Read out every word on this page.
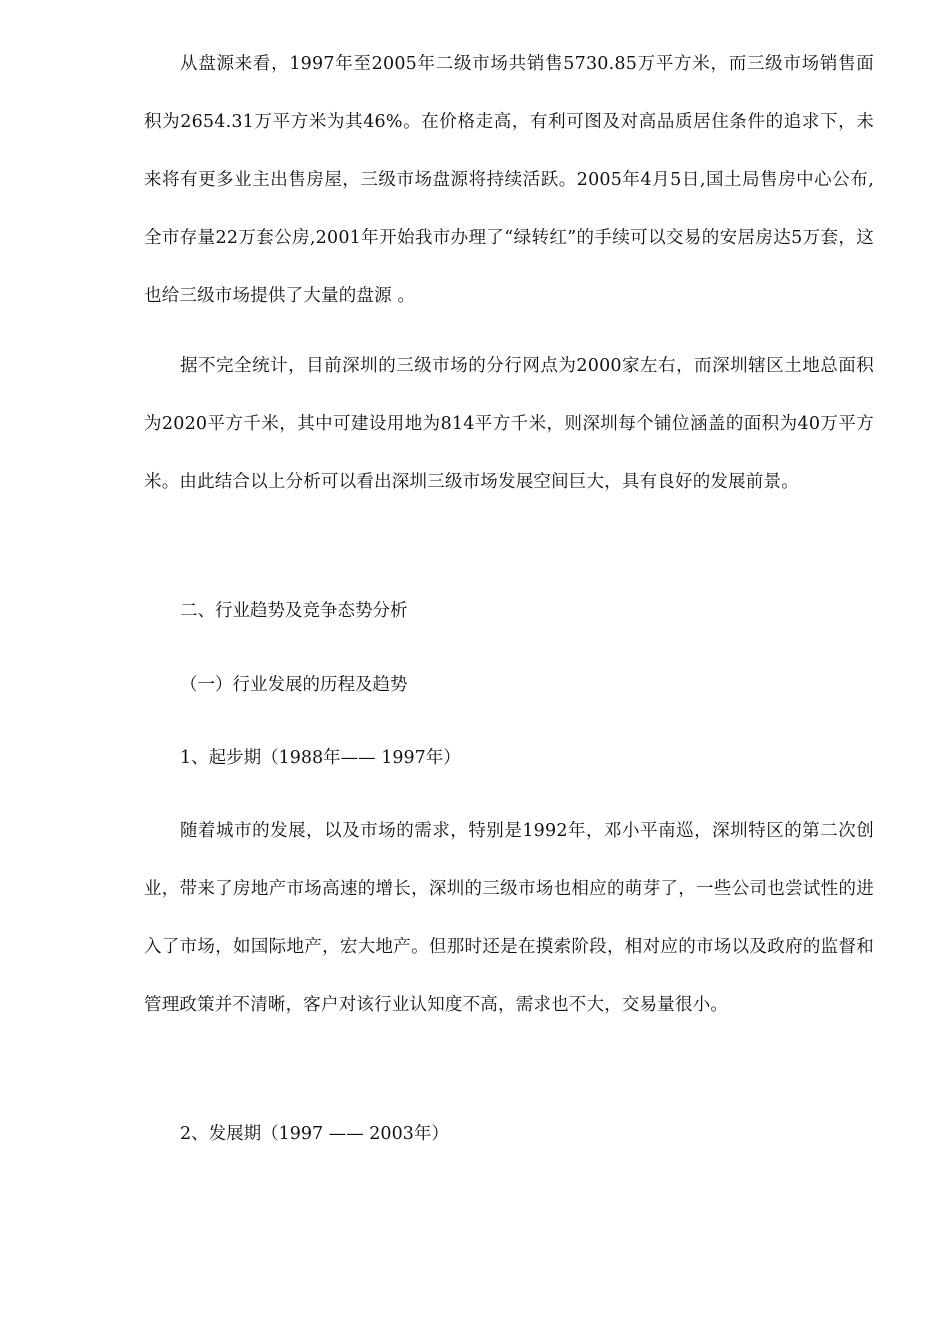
从盘源来看，1997年至2005年二级市场共销售5730.85万平方米，而三级市场销售面积为2654.31万平方米为其46%。在价格走高，有利可图及对高品质居住条件的追求下，未来将有更多业主出售房屋，三级市场盘源将持续活跃。2005年4月5日,国土局售房中心公布,全市存量22万套公房,2001年开始我市办理了“绿转红”的手续可以交易的安居房达5万套，这也给三级市场提供了大量的盘源 。

据不完全统计，目前深圳的三级市场的分行网点为2000家左右，而深圳辖区土地总面积为2020平方千米，其中可建设用地为814平方千米，则深圳每个铺位涵盖的面积为40万平方米。由此结合以上分析可以看出深圳三级市场发展空间巨大，具有良好的发展前景。

二、行业趋势及竞争态势分析

（一）行业发展的历程及趋势

1、起步期（1988年—— 1997年）

随着城市的发展，以及市场的需求，特别是1992年，邓小平南巡，深圳特区的第二次创业，带来了房地产市场高速的增长，深圳的三级市场也相应的萌芽了，一些公司也尝试性的进入了市场，如国际地产，宏大地产。但那时还是在摸索阶段，相对应的市场以及政府的监督和管理政策并不清晰，客户对该行业认知度不高，需求也不大，交易量很小。

2、发展期（1997 —— 2003年）
